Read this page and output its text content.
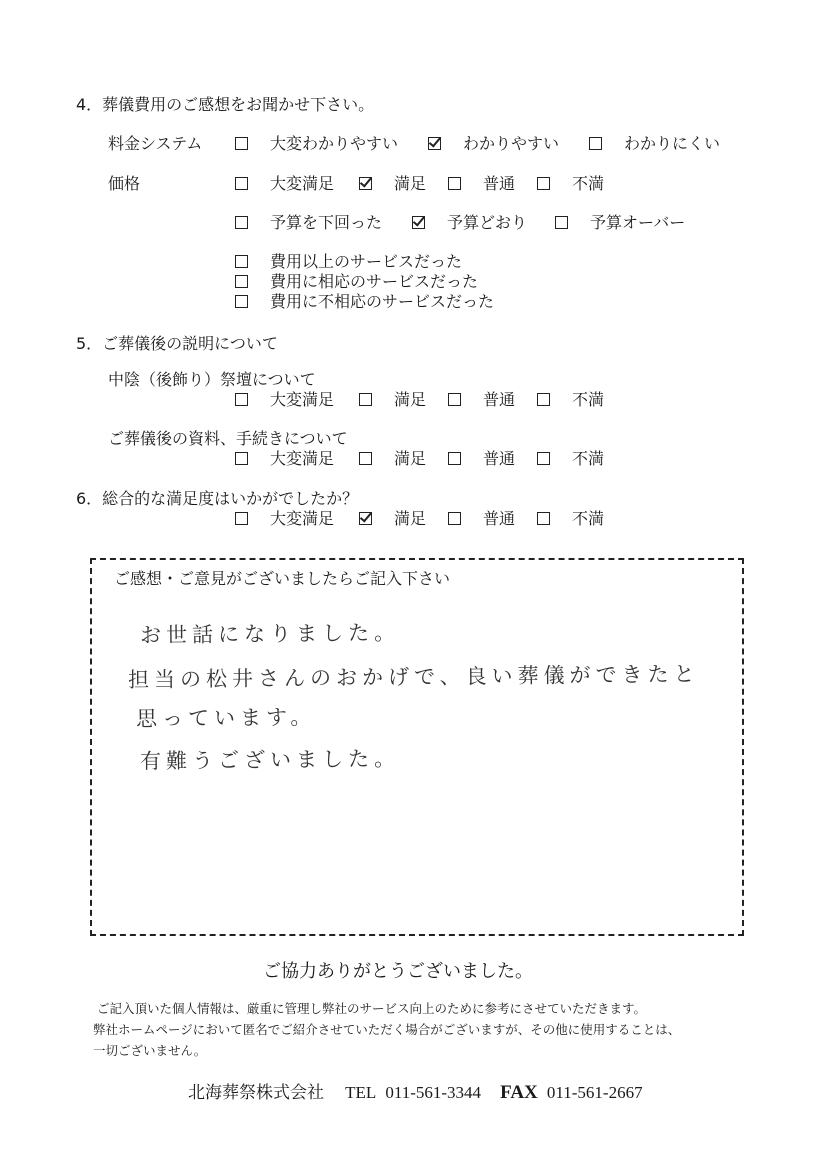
4．葬儀費用のご感想をお聞かせ下さい。
料金システム	大変わかりやすい	わかりやすい	わかりにくい
価格	大変満足	満足	普通	不満
予算を下回った	予算どおり	予算オーバー
費用以上のサービスだった
費用に相応のサービスだった
費用に不相応のサービスだった
5．ご葬儀後の説明について
中陰（後飾り）祭壇について
大変満足	満足	普通	不満
ご葬儀後の資料、手続きについて
大変満足	満足	普通	不満
6．総合的な満足度はいかがでしたか？
大変満足	満足	普通	不満
ご感想・ご意見がございましたらご記入下さい
お世話になりました。
担当の松井さんのおかげで、良い葬儀ができたと
思っています。
有難うございました。
ご協力ありがとうございました。
ご記入頂いた個人情報は、厳重に管理し弊社のサービス向上のために参考にさせていただきます。
弊社ホームページにおいて匿名でご紹介させていただく場合がございますが、その他に使用することは、
一切ございません。
北海葬祭株式会社 TEL 011-561-3344 FAX 011-561-2667
